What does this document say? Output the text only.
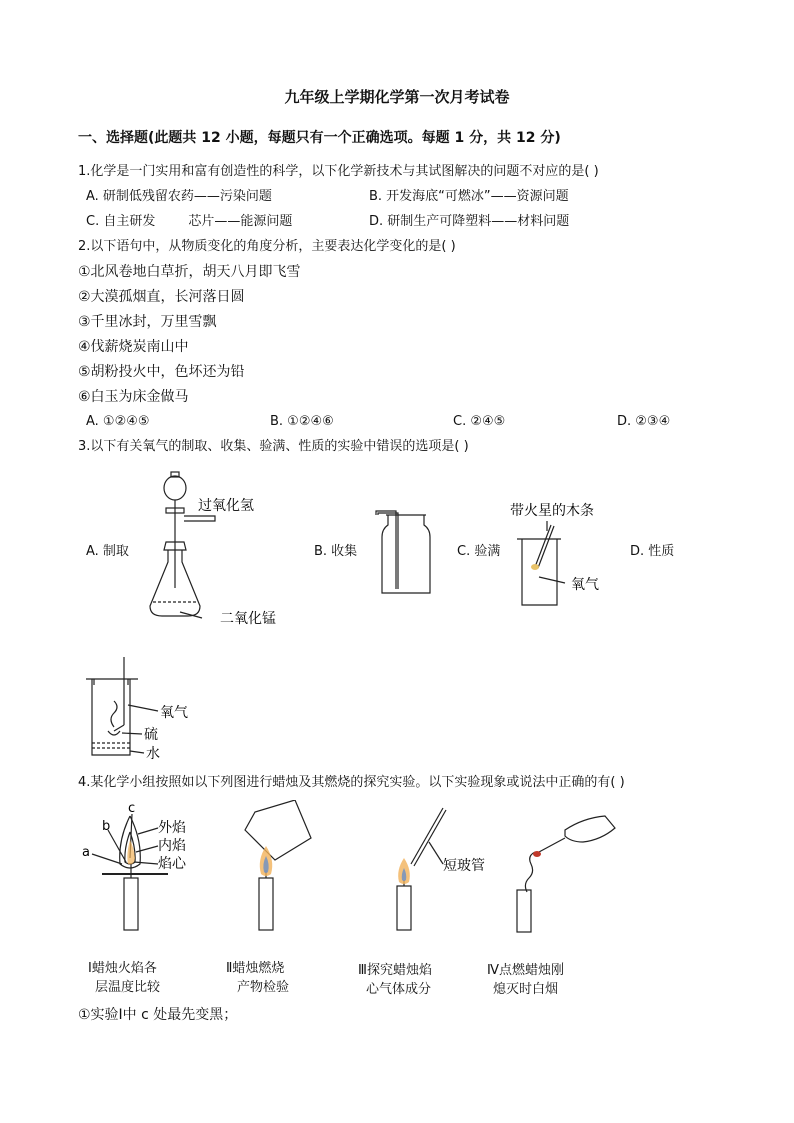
九年级上学期化学第一次月考试卷
一、选择题(此题共 12 小题，每题只有一个正确选项。每题 1 分，共 12 分)
1.化学是一门实用和富有创造性的科学，以下化学新技术与其试图解决的问题不对应的是( )
A. 研制低残留农药——污染问题	B. 开发海底“可燃冰”——资源问题
C. 自主研发        芯片——能源问题	D. 研制生产可降塑料——材料问题
2.以下语句中，从物质变化的角度分析，主要表达化学变化的是( )
①北风卷地白草折，胡天八月即飞雪
②大漠孤烟直，长河落日圆
③千里冰封，万里雪飘
④伐薪烧炭南山中
⑤胡粉投火中，色坏还为铅
⑥白玉为床金做马
A. ①②④⑤	B. ①②④⑥	C. ②④⑤	D. ②③④
3.以下有关氧气的制取、收集、验满、性质的实验中错误的选项是( )
A. 制取	B. 收集	C. 验满	D. 性质
过氧化氢
二氧化锰
带火星的木条
氧气
氧气
硫
水
4.某化学小组按照如以下列图进行蜡烛及其燃烧的探究实验。以下实验现象或说法中正确的有( )
a
b
c
外焰
内焰
焰心	短玻管
Ⅰ蜡烛火焰各
层温度比较
Ⅱ蜡烛燃烧
产物检验
Ⅲ探究蜡烛焰
心气体成分
Ⅳ点燃蜡烛刚
熄灭时白烟
①实验Ⅰ中 c 处最先变黑；
